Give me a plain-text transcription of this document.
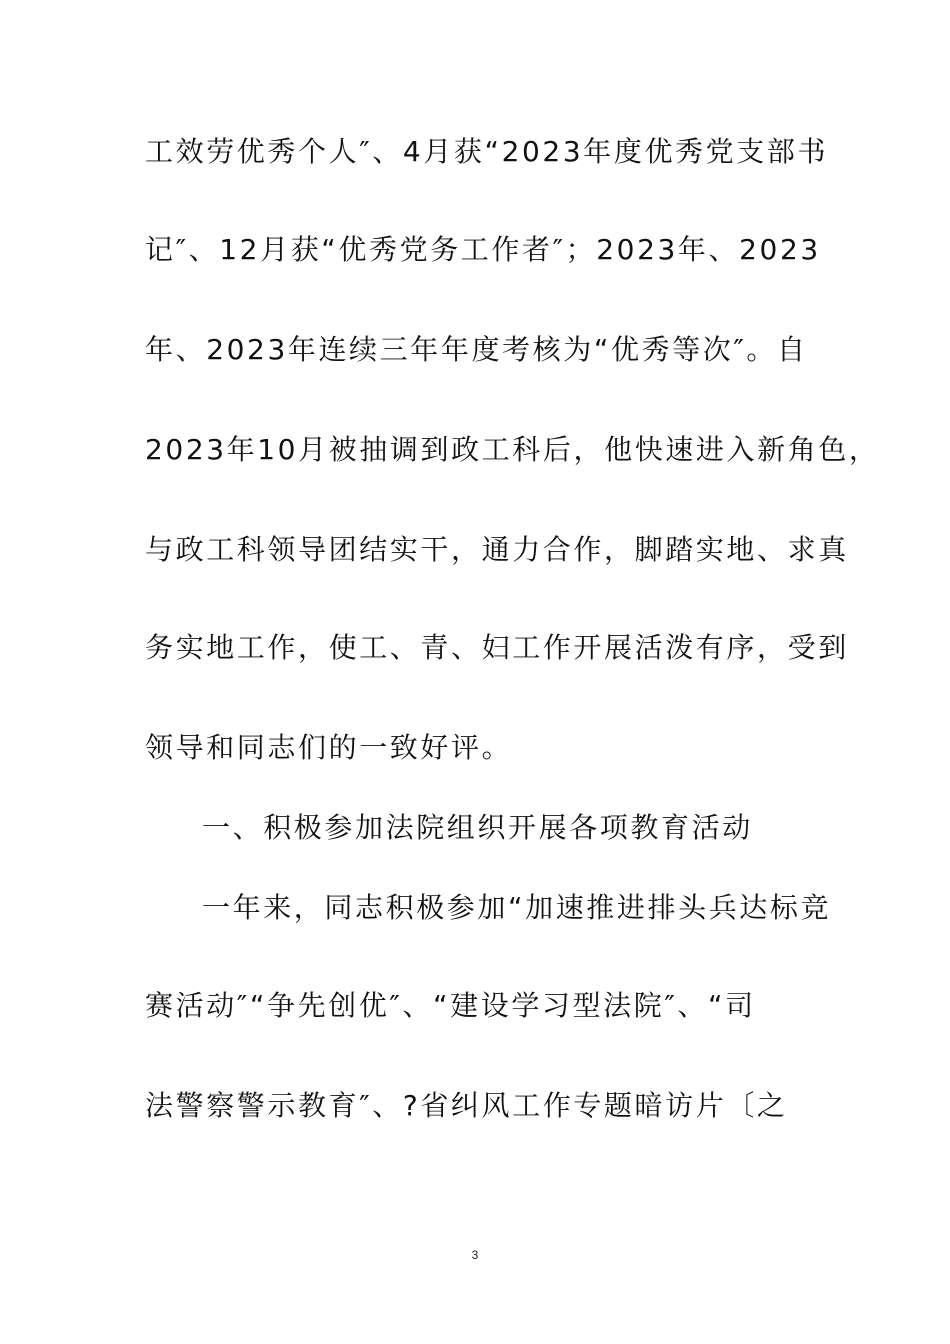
工效劳优秀个人″、4月获“2023年度优秀党支部书
记″、12月获“优秀党务工作者″；2023年、2023
年、2023年连续三年年度考核为“优秀等次″。自
2023年10月被抽调到政工科后，他快速进入新角色，
与政工科领导团结实干，通力合作，脚踏实地、求真
务实地工作，使工、青、妇工作开展活泼有序，受到
领导和同志们的一致好评。
一、积极参加法院组织开展各项教育活动
一年来，同志积极参加“加速推进排头兵达标竞
赛活动″“争先创优″、“建设学习型法院″、“司
法警察警示教育″、?省纠风工作专题暗访片〔之
3
